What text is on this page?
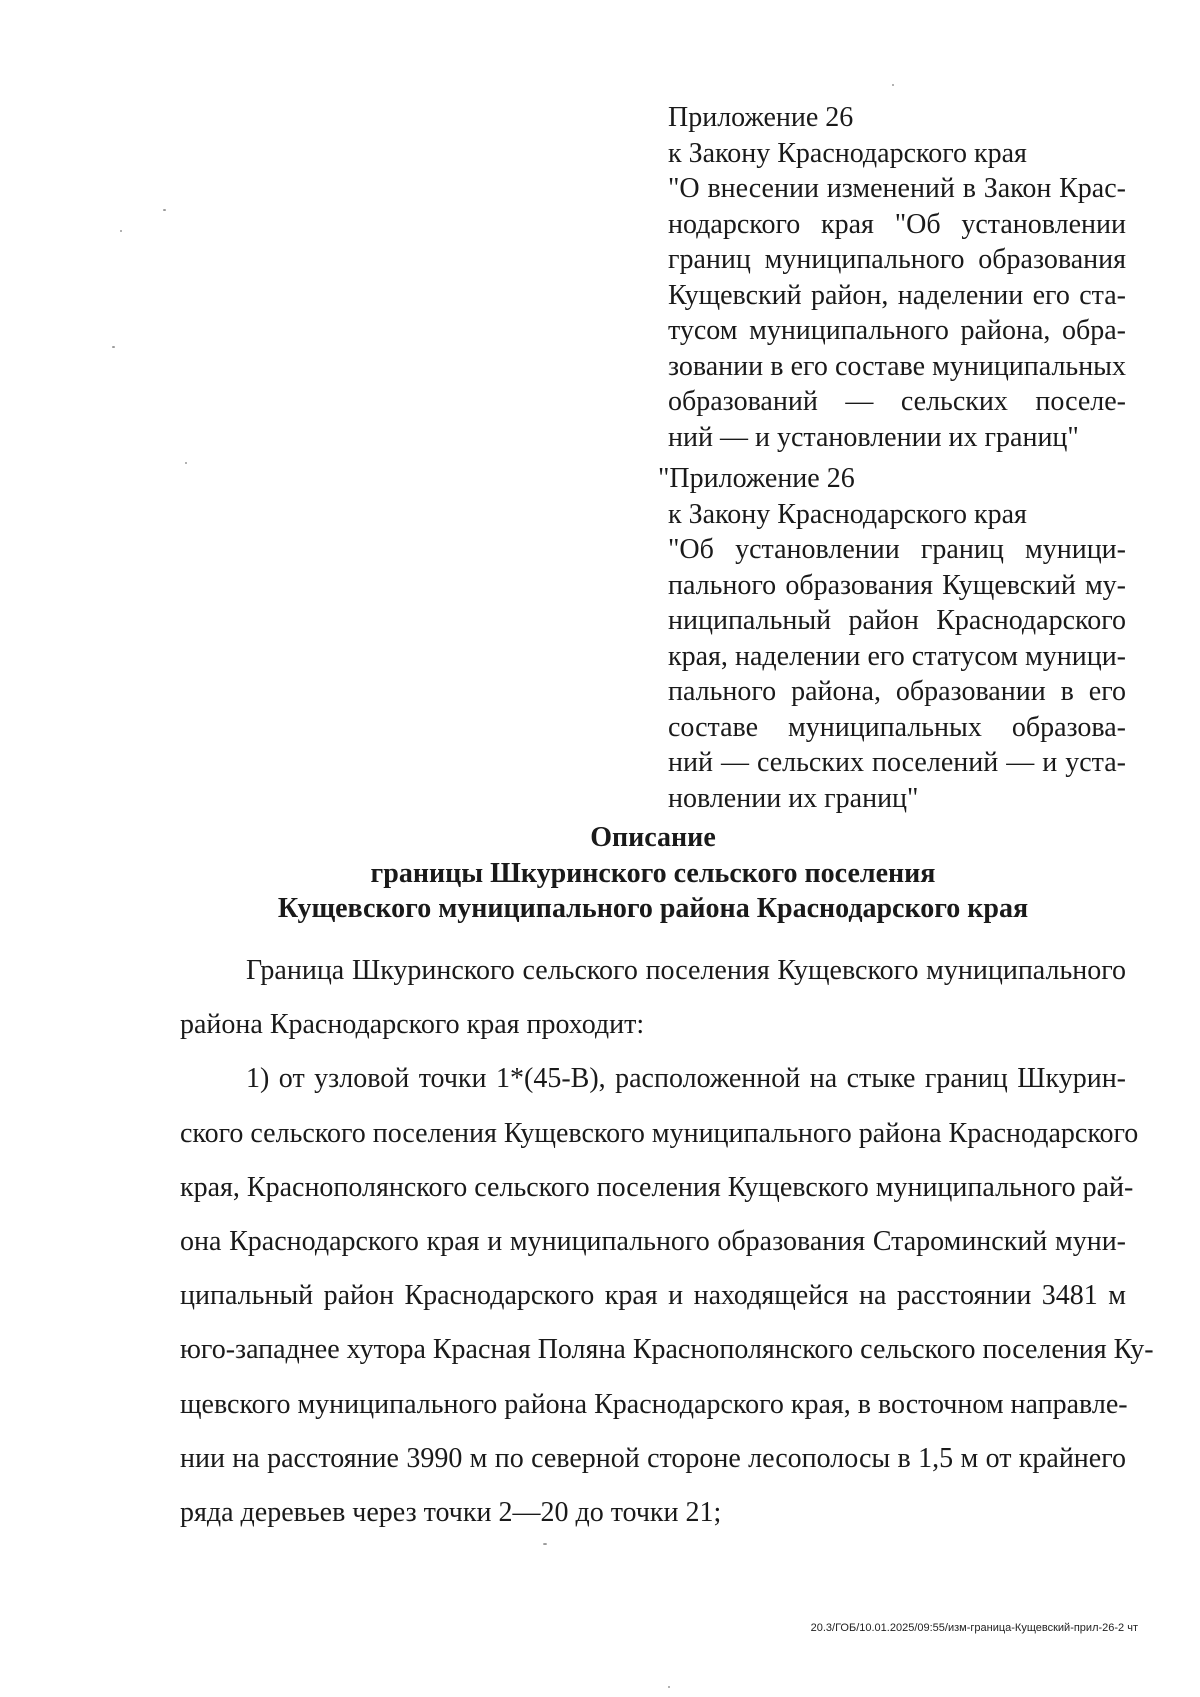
Приложение 26
к Закону Краснодарского края
"О внесении изменений в Закон Крас-
нодарского края "Об установлении
границ муниципального образования
Кущевский район, наделении его ста-
тусом муниципального района, обра-
зовании в его составе муниципальных
образований — сельских поселе-
ний — и установлении их границ"
"Приложение 26
к Закону Краснодарского края
"Об установлении границ муници-
пального образования Кущевский му-
ниципальный район Краснодарского
края, наделении его статусом муници-
пального района, образовании в его
составе муниципальных образова-
ний — сельских поселений — и уста-
новлении их границ"
Описание
границы Шкуринского сельского поселения
Кущевского муниципального района Краснодарского края
Граница Шкуринского сельского поселения Кущевского муниципального
района Краснодарского края проходит:
1) от узловой точки 1*(45-В), расположенной на стыке границ Шкурин-
ского сельского поселения Кущевского муниципального района Краснодарского
края, Краснополянского сельского поселения Кущевского муниципального рай-
она Краснодарского края и муниципального образования Староминский муни-
ципальный район Краснодарского края и находящейся на расстоянии 3481 м
юго-западнее хутора Красная Поляна Краснополянского сельского поселения Ку-
щевского муниципального района Краснодарского края, в восточном направле-
нии на расстояние 3990 м по северной стороне лесополосы в 1,5 м от крайнего
ряда деревьев через точки 2—20 до точки 21;
20.3/ГОБ/10.01.2025/09:55/изм-граница-Кущевский-прил-26-2 чт
